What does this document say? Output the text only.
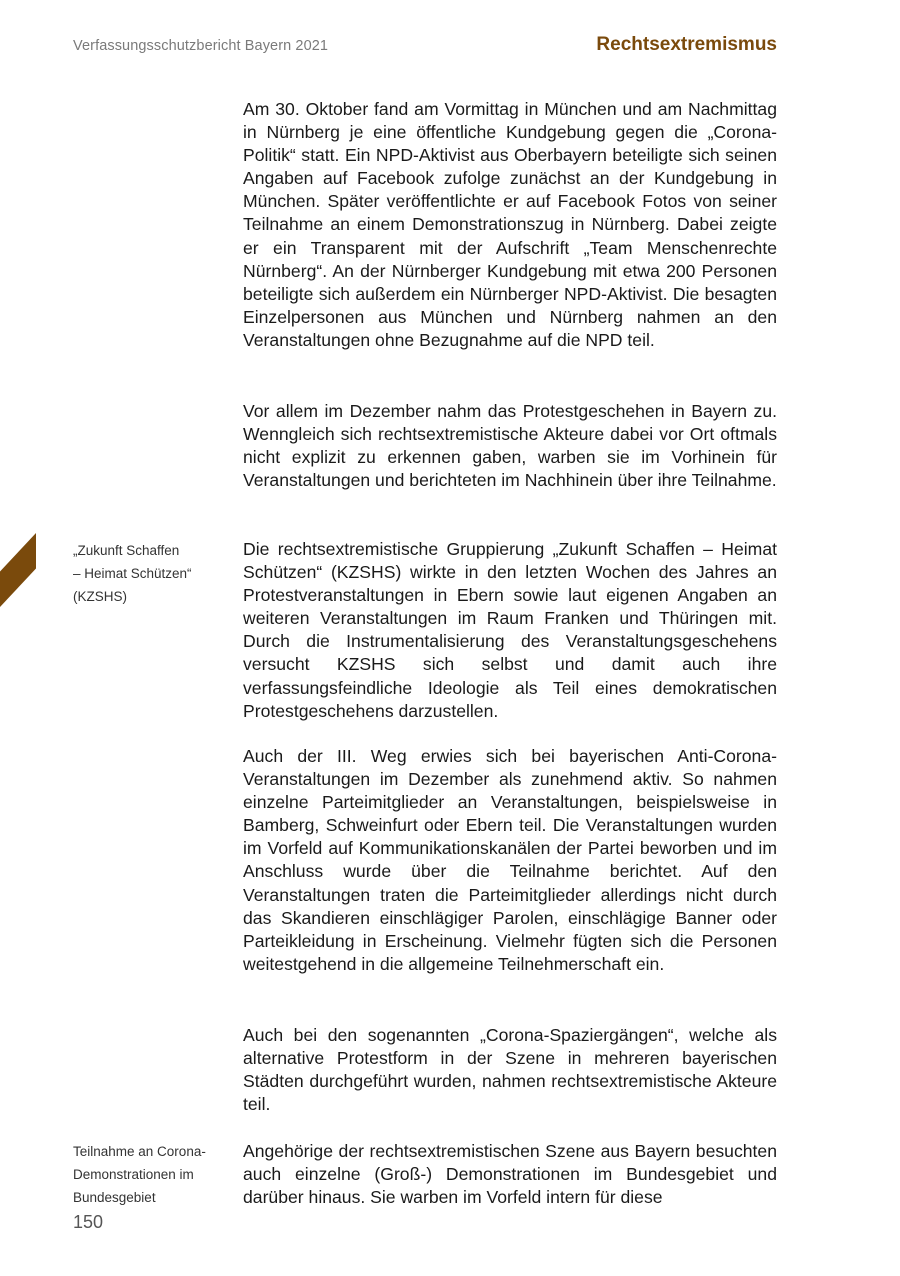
Verfassungsschutzbericht Bayern 2021	Rechtsextremismus

Am 30. Oktober fand am Vormittag in München und am Nachmittag in Nürnberg je eine öffentliche Kundgebung gegen die „Corona-Politik“ statt. Ein NPD-Aktivist aus Oberbayern beteiligte sich seinen Angaben auf Facebook zufolge zunächst an der Kundgebung in München. Später veröffentlichte er auf Facebook Fotos von seiner Teilnahme an einem Demonstrationszug in Nürnberg. Dabei zeigte er ein Transparent mit der Aufschrift „Team Menschenrechte Nürnberg“. An der Nürnberger Kundgebung mit etwa 200 Personen beteiligte sich außerdem ein Nürnberger NPD-Aktivist. Die besagten Einzelpersonen aus München und Nürnberg nahmen an den Veranstaltungen ohne Bezugnahme auf die NPD teil.

Vor allem im Dezember nahm das Protestgeschehen in Bayern zu. Wenngleich sich rechtsextremistische Akteure dabei vor Ort oftmals nicht explizit zu erkennen gaben, warben sie im Vorhinein für Veranstaltungen und berichteten im Nachhinein über ihre Teilnahme.

Die rechtsextremistische Gruppierung „Zukunft Schaffen – Heimat Schützen“ (KZSHS) wirkte in den letzten Wochen des Jahres an Protestveranstaltungen in Ebern sowie laut eigenen Angaben an weiteren Veranstaltungen im Raum Franken und Thüringen mit. Durch die Instrumentalisierung des Veranstaltungsgeschehens versucht KZSHS sich selbst und damit auch ihre verfassungsfeindliche Ideologie als Teil eines demokratischen Protestgeschehens darzustellen.

Auch der III. Weg erwies sich bei bayerischen Anti-Corona-Veranstaltungen im Dezember als zunehmend aktiv. So nahmen einzelne Parteimitglieder an Veranstaltungen, beispielsweise in Bamberg, Schweinfurt oder Ebern teil. Die Veranstaltungen wurden im Vorfeld auf Kommunikationskanälen der Partei beworben und im Anschluss wurde über die Teilnahme berichtet. Auf den Veranstaltungen traten die Parteimitglieder allerdings nicht durch das Skandieren einschlägiger Parolen, einschlägige Banner oder Parteikleidung in Erscheinung. Vielmehr fügten sich die Personen weitestgehend in die allgemeine Teilnehmerschaft ein.

Auch bei den sogenannten „Corona-Spaziergängen“, welche als alternative Protestform in der Szene in mehreren bayerischen Städten durchgeführt wurden, nahmen rechtsextremistische Akteure teil.

Angehörige der rechtsextremistischen Szene aus Bayern besuchten auch einzelne (Groß-) Demonstrationen im Bundesgebiet und darüber hinaus. Sie warben im Vorfeld intern für diese

„Zukunft Schaffen
– Heimat Schützen“
(KZSHS)
Teilnahme an Corona-
Demonstrationen im
Bundesgebiet
150
